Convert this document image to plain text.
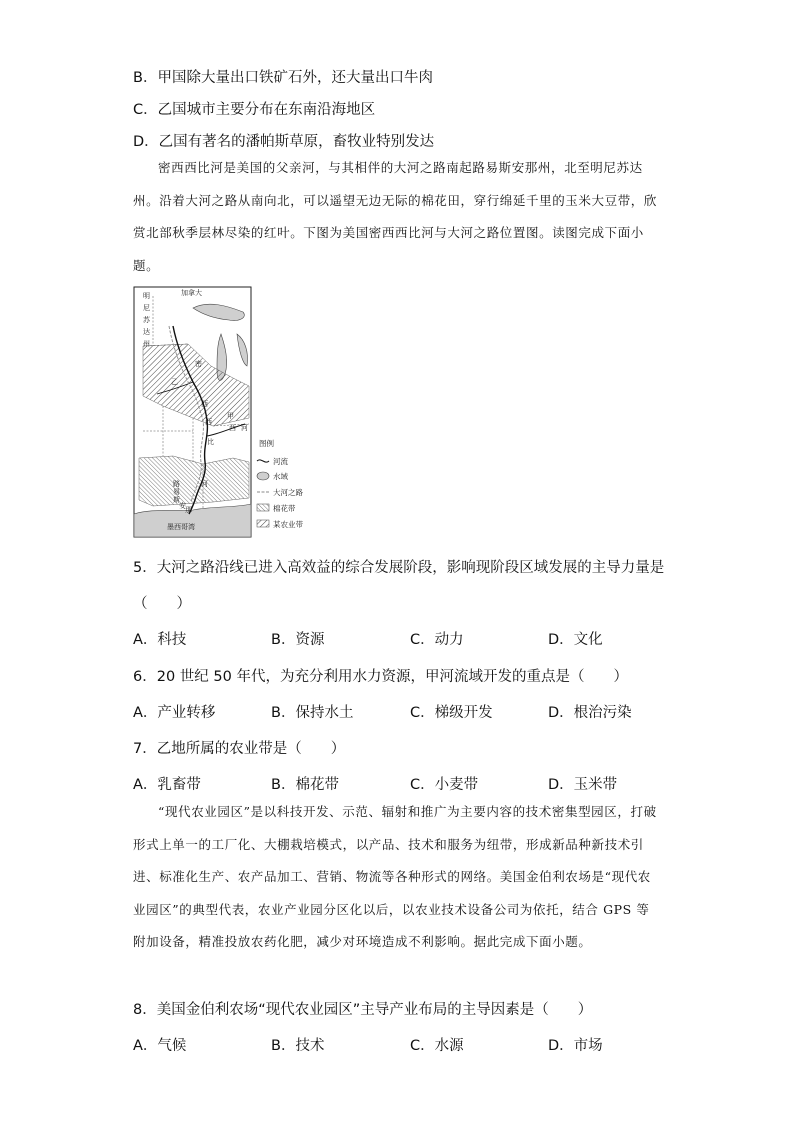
B．甲国除大量出口铁矿石外，还大量出口牛肉
C．乙国城市主要分布在东南沿海地区
D．乙国有著名的潘帕斯草原，畜牧业特别发达

密西西比河是美国的父亲河，与其相伴的大河之路南起路易斯安那州，北至明尼苏达州。沿着大河之路从南向北，可以遥望无边无际的棉花田，穿行绵延千里的玉米大豆带，欣赏北部秋季层林尽染的红叶。下图为美国密西西比河与大河之路位置图。读图完成下面小题。

加拿大
明
尼
苏
达
州
乙
密
西
西
比
河
甲
河
西
路
易
斯
安 那
墨西哥湾
图例
河流
水域
大河之路
棉花带
某农业带
5．大河之路沿线已进入高效益的综合发展阶段，影响现阶段区域发展的主导力量是
（　　）
A．科技	B．资源	C．动力	D．文化
6．20 世纪 50 年代，为充分利用水力资源，甲河流域开发的重点是（　　）
A．产业转移	B．保持水土	C．梯级开发	D．根治污染
7．乙地所属的农业带是（　　）
A．乳畜带	B．棉花带	C．小麦带	D．玉米带

“现代农业园区”是以科技开发、示范、辐射和推广为主要内容的技术密集型园区，打破形式上单一的工厂化、大棚栽培模式，以产品、技术和服务为纽带，形成新品种新技术引进、标准化生产、农产品加工、营销、物流等各种形式的网络。美国金伯利农场是“现代农业园区”的典型代表，农业产业园分区化以后，以农业技术设备公司为依托，结合 GPS 等附加设备，精准投放农药化肥，减少对环境造成不利影响。据此完成下面小题。

8．美国金伯利农场“现代农业园区”主导产业布局的主导因素是（　　）
A．气候	B．技术	C．水源	D．市场
